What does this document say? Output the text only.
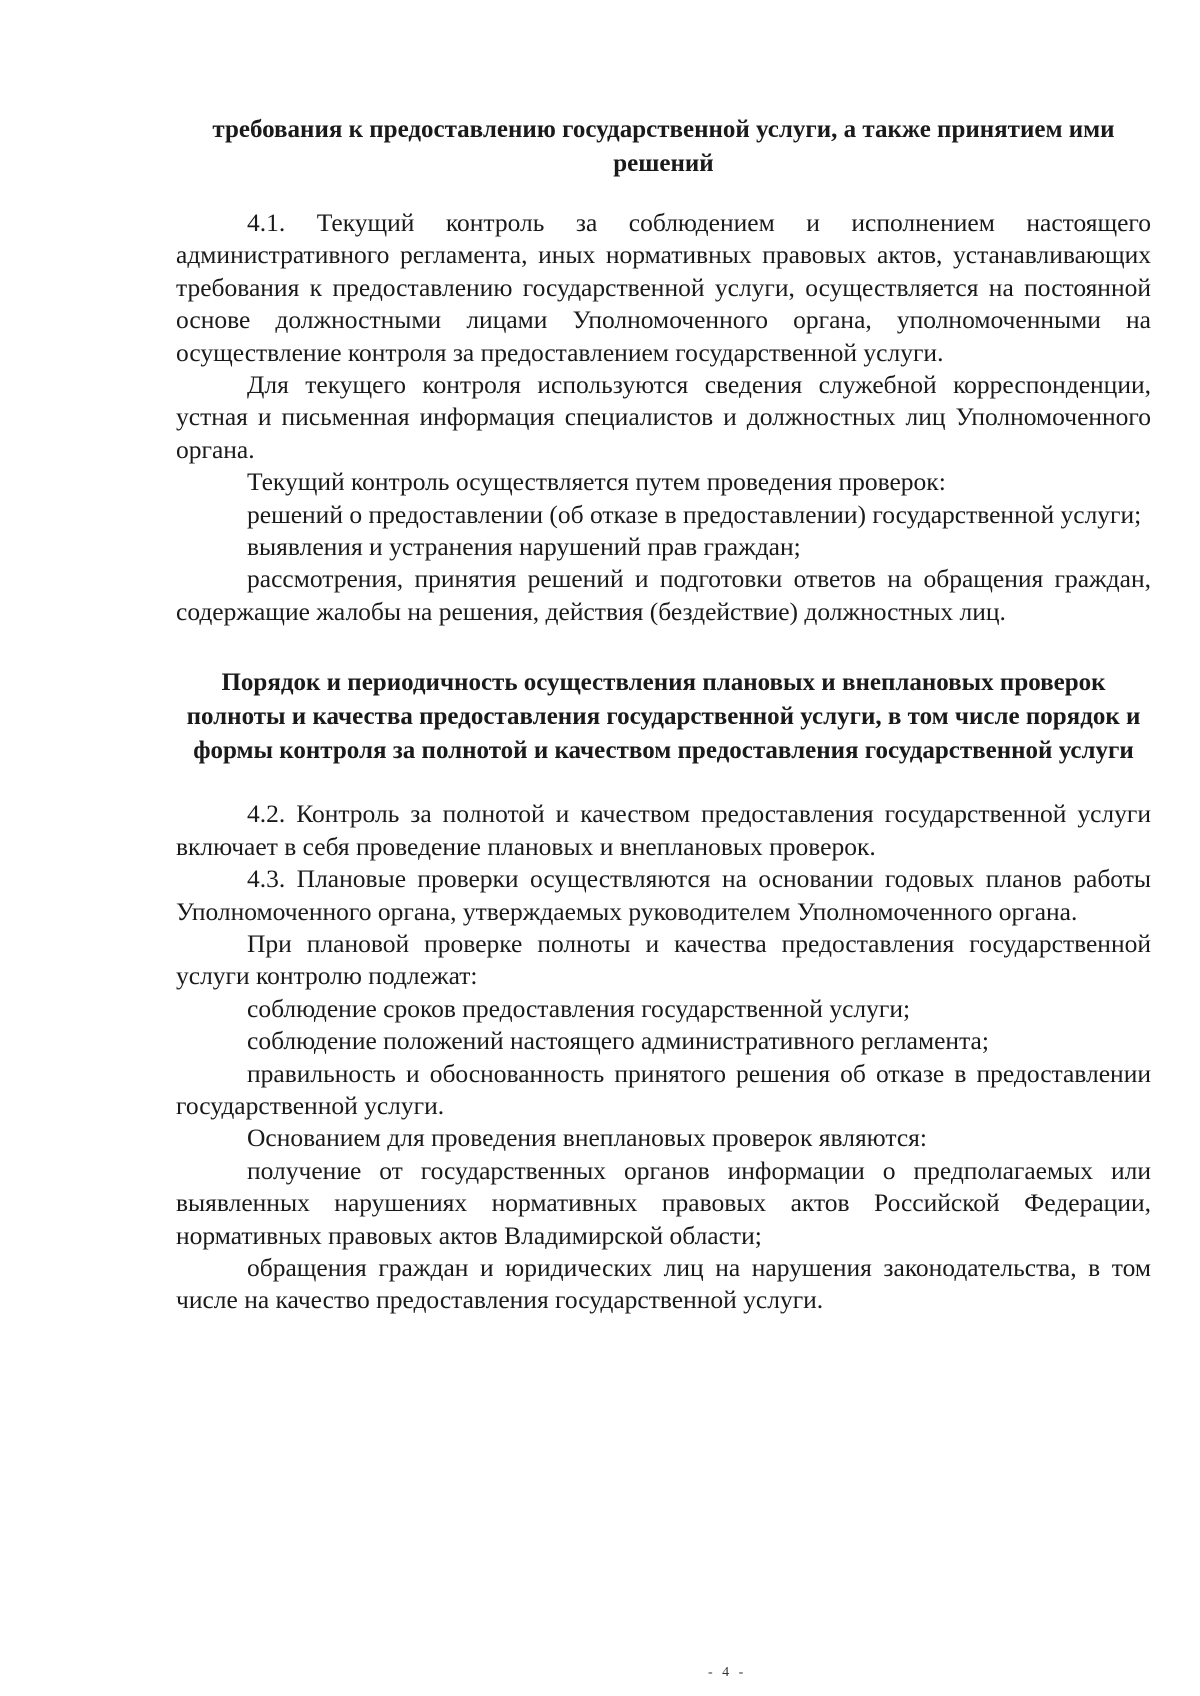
требования к предоставлению государственной услуги, а также принятием ими решений

4.1. Текущий контроль за соблюдением и исполнением настоящего административного регламента, иных нормативных правовых актов, устанавливающих требования к предоставлению государственной услуги, осуществляется на постоянной основе должностными лицами Уполномоченного органа, уполномоченными на осуществление контроля за предоставлением государственной услуги.

Для текущего контроля используются сведения служебной корреспонденции, устная и письменная информация специалистов и должностных лиц Уполномоченного органа.

Текущий контроль осуществляется путем проведения проверок:

решений о предоставлении (об отказе в предоставлении) государственной услуги;

выявления и устранения нарушений прав граждан;

рассмотрения, принятия решений и подготовки ответов на обращения граждан, содержащие жалобы на решения, действия (бездействие) должностных лиц.

Порядок и периодичность осуществления плановых и внеплановых проверок полноты и качества предоставления государственной услуги, в том числе порядок и формы контроля за полнотой и качеством предоставления государственной услуги

4.2. Контроль за полнотой и качеством предоставления государственной услуги включает в себя проведение плановых и внеплановых проверок.

4.3. Плановые проверки осуществляются на основании годовых планов работы Уполномоченного органа, утверждаемых руководителем Уполномоченного органа.

При плановой проверке полноты и качества предоставления государственной услуги контролю подлежат:

соблюдение сроков предоставления государственной услуги;

соблюдение положений настоящего административного регламента;

правильность и обоснованность принятого решения об отказе в предоставлении государственной услуги.

Основанием для проведения внеплановых проверок являются:

получение от государственных органов информации о предполагаемых или выявленных нарушениях нормативных правовых актов Российской Федерации, нормативных правовых актов Владимирской области;

обращения граждан и юридических лиц на нарушения законодательства, в том числе на качество предоставления государственной услуги.

- 4 -
